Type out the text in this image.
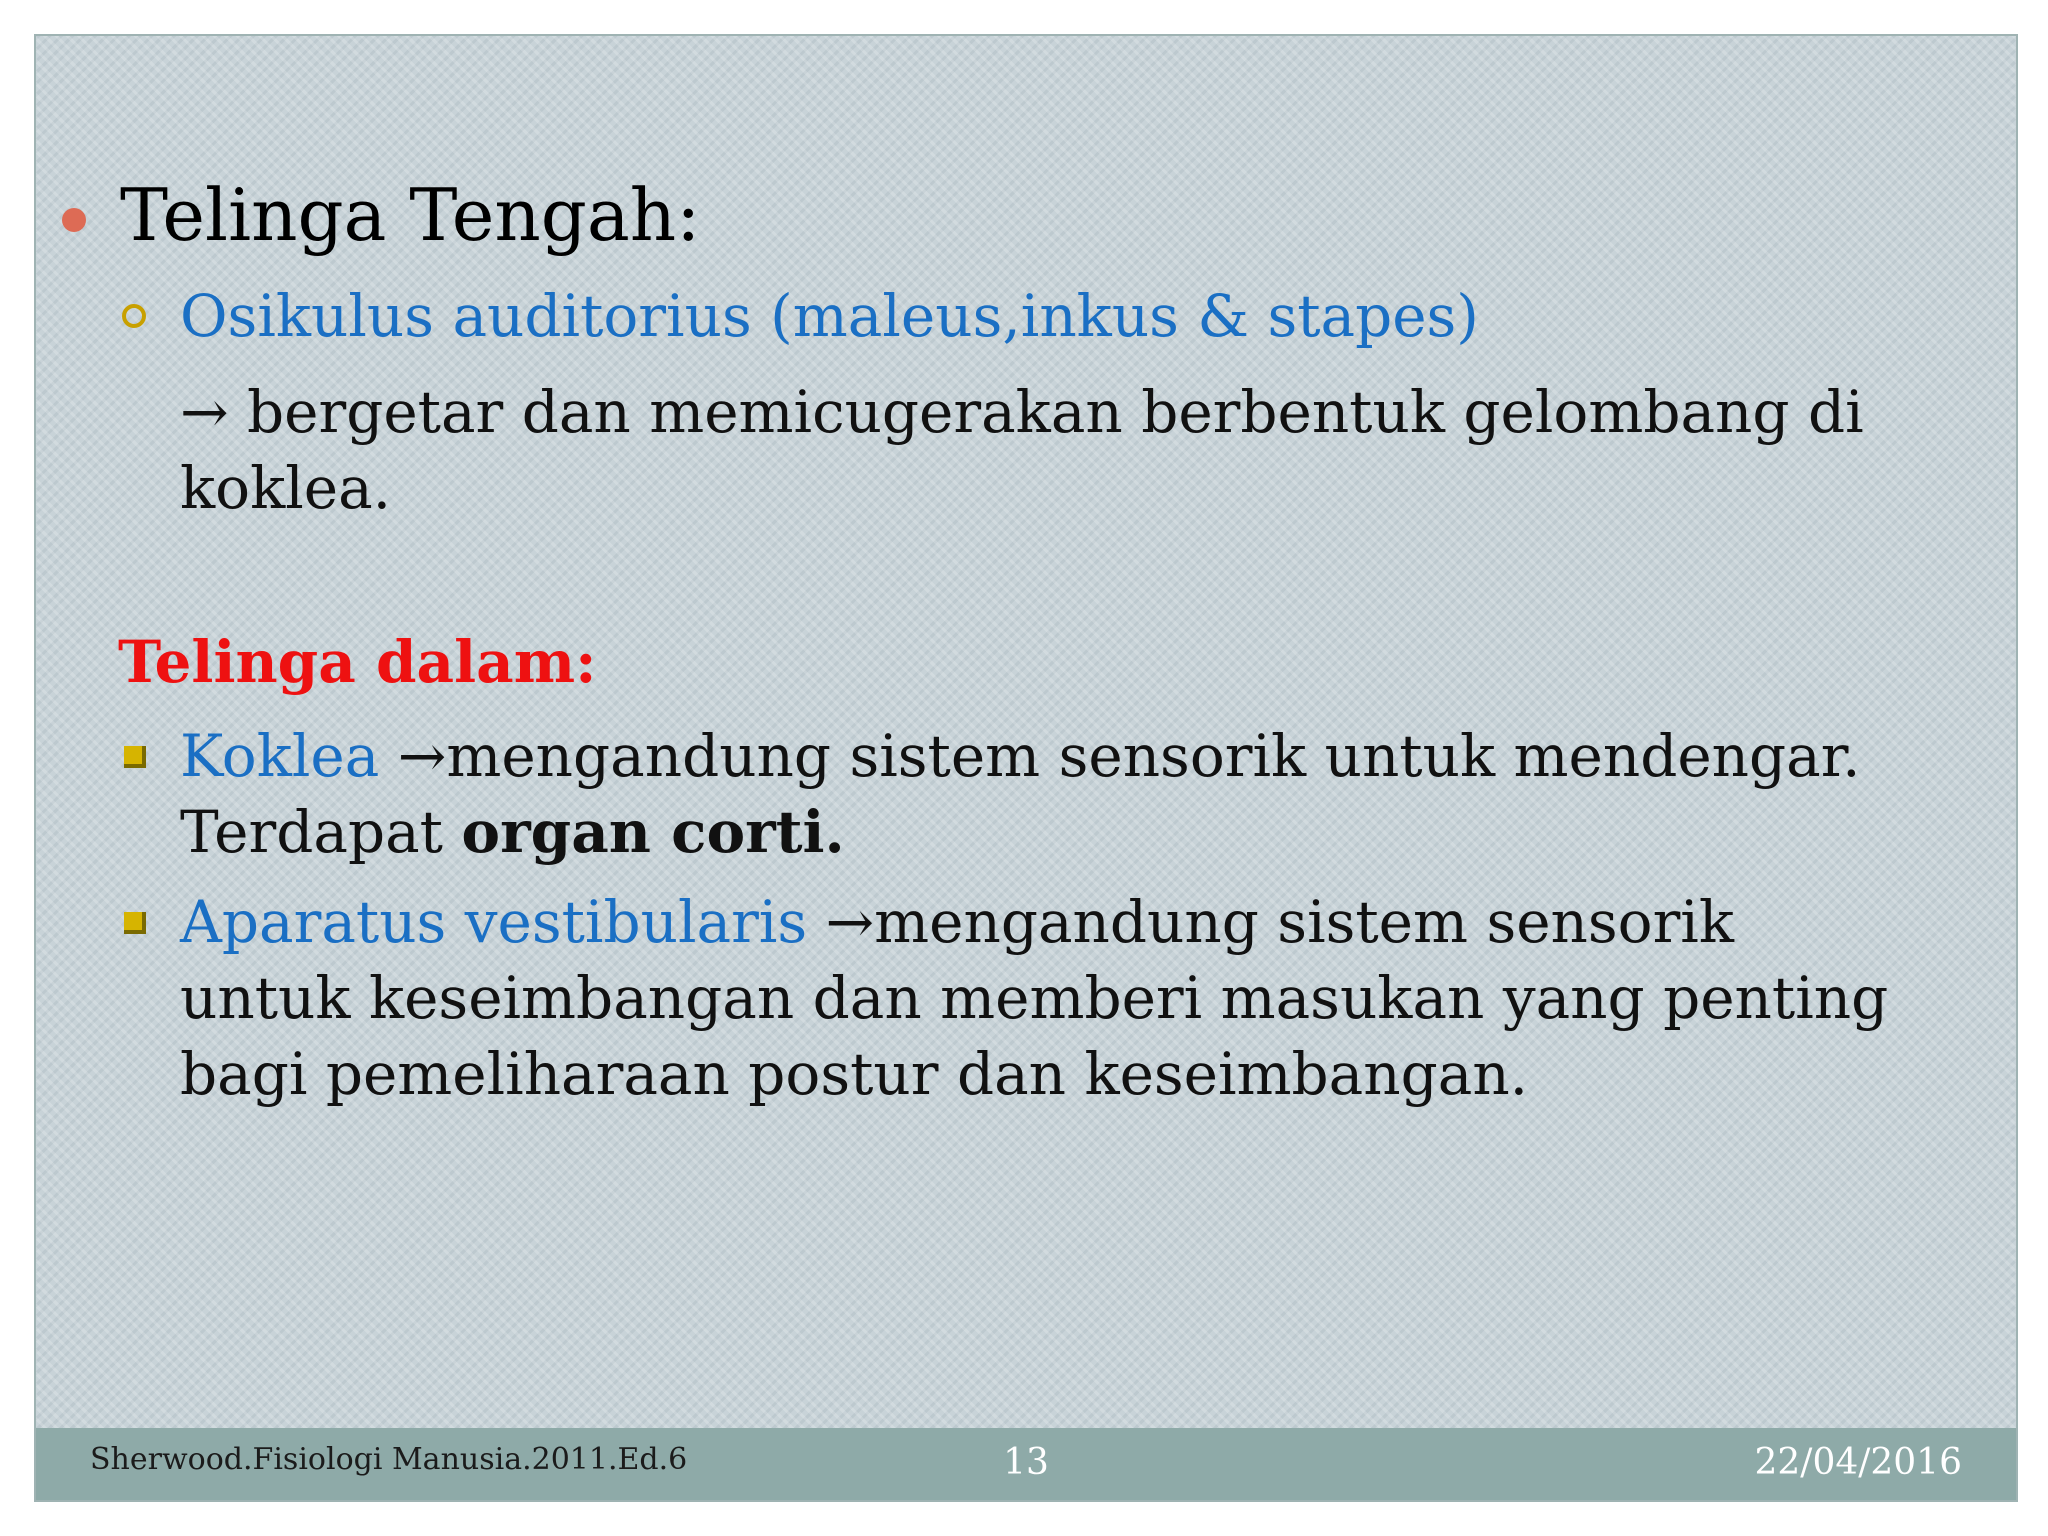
Telinga Tengah:
Osikulus auditorius (maleus,inkus & stapes)
→ bergetar dan memicugerakan berbentuk gelombang di koklea.
Telinga dalam:
Koklea →mengandung sistem sensorik untuk mendengar. Terdapat organ corti.
Aparatus vestibularis →mengandung sistem sensorik untuk keseimbangan dan memberi masukan yang penting bagi pemeliharaan postur dan keseimbangan.
Sherwood.Fisiologi Manusia.2011.Ed.6	13	22/04/2016
